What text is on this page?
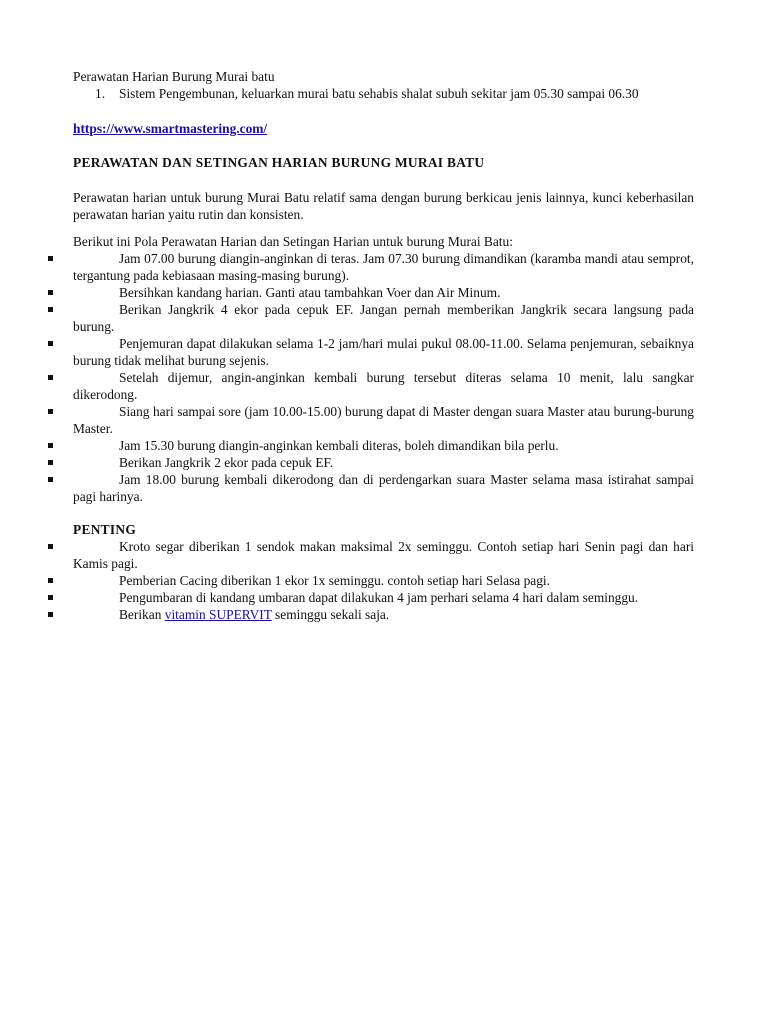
Perawatan Harian Burung Murai batu

1.	Sistem Pengembunan, keluarkan murai batu sehabis shalat subuh sekitar jam 05.30 sampai 06.30

https://www.smartmastering.com/

PERAWATAN DAN SETINGAN HARIAN BURUNG MURAI BATU

Perawatan harian untuk burung Murai Batu relatif sama dengan burung berkicau jenis lainnya, kunci keberhasilan perawatan harian yaitu rutin dan konsisten.

Berikut ini Pola Perawatan Harian dan Setingan Harian untuk burung Murai Batu:

Jam 07.00 burung diangin-anginkan di teras. Jam 07.30 burung dimandikan (karamba mandi atau semprot, tergantung pada kebiasaan masing-masing burung).
Bersihkan kandang harian. Ganti atau tambahkan Voer dan Air Minum.
Berikan Jangkrik 4 ekor pada cepuk EF. Jangan pernah memberikan Jangkrik secara langsung pada burung.
Penjemuran dapat dilakukan selama 1-2 jam/hari mulai pukul 08.00-11.00. Selama penjemuran, sebaiknya burung tidak melihat burung sejenis.
Setelah dijemur, angin-anginkan kembali burung tersebut diteras selama 10 menit, lalu sangkar dikerodong.
Siang hari sampai sore (jam 10.00-15.00) burung dapat di Master dengan suara Master atau burung-burung Master.
Jam 15.30 burung diangin-anginkan kembali diteras, boleh dimandikan bila perlu.
Berikan Jangkrik 2 ekor pada cepuk EF.
Jam 18.00 burung kembali dikerodong dan di perdengarkan suara Master selama masa istirahat sampai pagi harinya.

PENTING

Kroto segar diberikan 1 sendok makan maksimal 2x seminggu. Contoh setiap hari Senin pagi dan hari Kamis pagi.
Pemberian Cacing diberikan 1 ekor 1x seminggu. contoh setiap hari Selasa pagi.
Pengumbaran di kandang umbaran dapat dilakukan 4 jam perhari selama 4 hari dalam seminggu.
Berikan vitamin SUPERVIT seminggu sekali saja.
